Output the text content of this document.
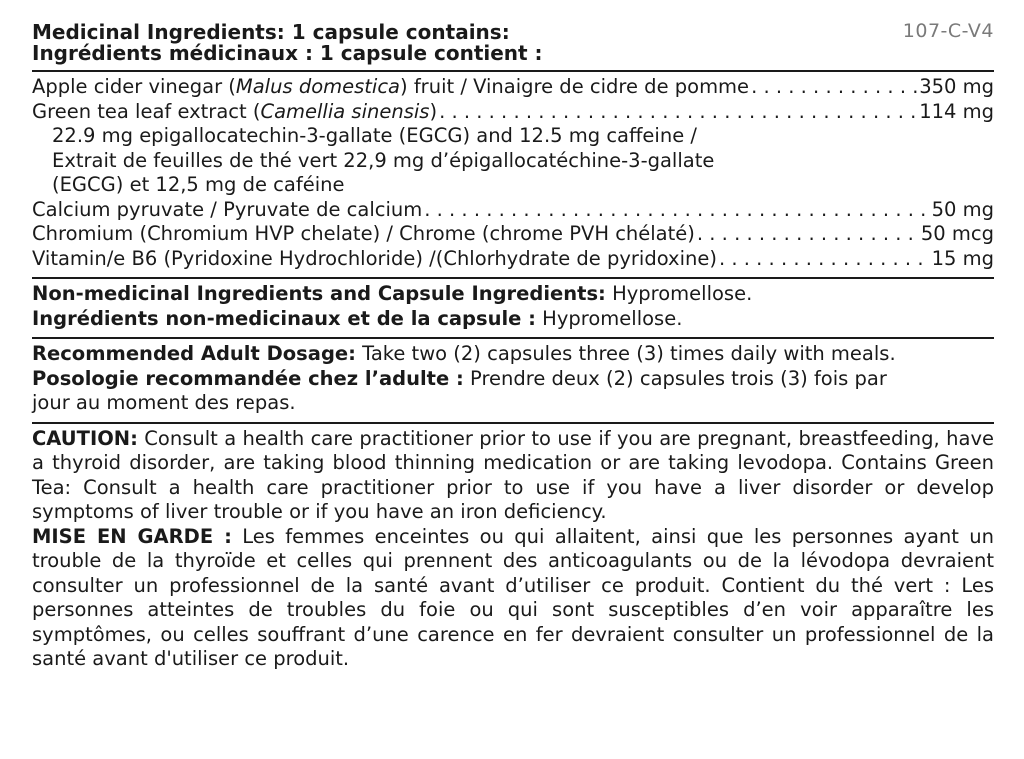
107-C-V4
Medicinal Ingredients: 1 capsule contains:
Ingrédients médicinaux : 1 capsule contient :
Apple cider vinegar (Malus domestica) fruit / Vinaigre de cidre de pomme . . .	350 mg
Green tea leaf extract (Camellia sinensis) . . .	114 mg
22.9 mg epigallocatechin-3-gallate (EGCG) and 12.5 mg caffeine /
Extrait de feuilles de thé vert 22,9 mg d’épigallocatéchine-3-gallate
(EGCG) et 12,5 mg de caféine
Calcium pyruvate / Pyruvate de calcium . . .	50 mg
Chromium (Chromium HVP chelate) / Chrome (chrome PVH chélaté) . . .	50 mcg
Vitamin/e B6 (Pyridoxine Hydrochloride) /(Chlorhydrate de pyridoxine) . . .	15 mg
Non-medicinal Ingredients and Capsule Ingredients: Hypromellose.
Ingrédients non-medicinaux et de la capsule : Hypromellose.
Recommended Adult Dosage: Take two (2) capsules three (3) times daily with meals.
Posologie recommandée chez l’adulte : Prendre deux (2) capsules trois (3) fois par
jour au moment des repas.
CAUTION: Consult a health care practitioner prior to use if you are pregnant, breastfeeding, have a thyroid disorder, are taking blood thinning medication or are taking levodopa. Contains Green Tea: Consult a health care practitioner prior to use if you have a liver disorder or develop symptoms of liver trouble or if you have an iron deficiency.
MISE EN GARDE : Les femmes enceintes ou qui allaitent, ainsi que les personnes ayant un trouble de la thyroïde et celles qui prennent des anticoagulants ou de la lévodopa devraient consulter un professionnel de la santé avant d’utiliser ce produit. Contient du thé vert : Les personnes atteintes de troubles du foie ou qui sont susceptibles d’en voir apparaître les symptômes, ou celles souffrant d’une carence en fer devraient consulter un professionnel de la santé avant d'utiliser ce produit.
